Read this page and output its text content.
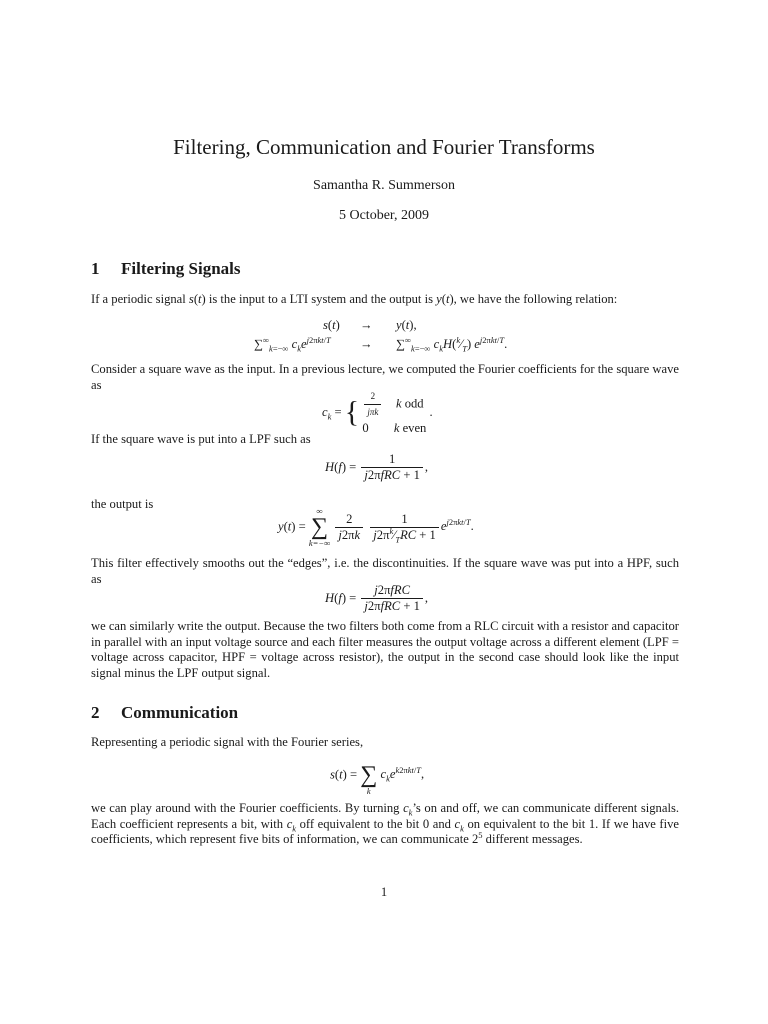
Filtering, Communication and Fourier Transforms
Samantha R. Summerson
5 October, 2009
1 Filtering Signals
If a periodic signal s(t) is the input to a LTI system and the output is y(t), we have the following relation:
s(t) → y(t),
$\sum^\infty_{k=-\infty}$ $c_ke^{j2\pi kt/T} \to \sum^\infty_{k=-\infty}$ $c_kH(^k⁄_T)$ $e^{j2\pi kt/T}$.
Consider a square wave as the input. In a previous lecture, we computed the Fourier coefficients for the square wave as
$c_k$ = { $\frac{2}{\text{jπk}}$ k odd
0        k even
.
If the square wave is put into a LPF such as
$H(f) = \frac{1}{\text{j2πfRC + 1}}$ ,
the output is
y(t) =
∞
∑
k=−∞

$\frac{2}{j2\pi k}$
$\frac{1}{j2\pi^k⁄_TRC + 1} e^{j2\pi kt/T}$.
This filter effectively smooths out the “edges”, i.e. the discontinuities. If the square wave was put into a HPF, such as
$H(f) = \frac{\text{j2πfRC}}{\text{j2πfRC + 1}}$ ,
we can similarly write the output. Because the two filters both come from a RLC circuit with a resistor and capacitor in parallel with an input voltage source and each filter measures the output voltage across a different element (LPF = voltage across capacitor, HPF = voltage across resistor), the output in the second case should look like the input signal minus the LPF output signal.
2 Communication
Representing a periodic signal with the Fourier series,
s(t) =
∑
k
$c_ke^{k2\pi kt/T}$,
we can play around with the Fourier coefficients. By turning $c_k’s$ on and off, we can communicate different signals. Each coefficient represents a bit, with $c_k$ off equivalent to the bit 0 and $c_k$ on equivalent to the bit 1. If we have five coefficients, which represent five bits of information, we can communicate $2^5$ different messages.
1
